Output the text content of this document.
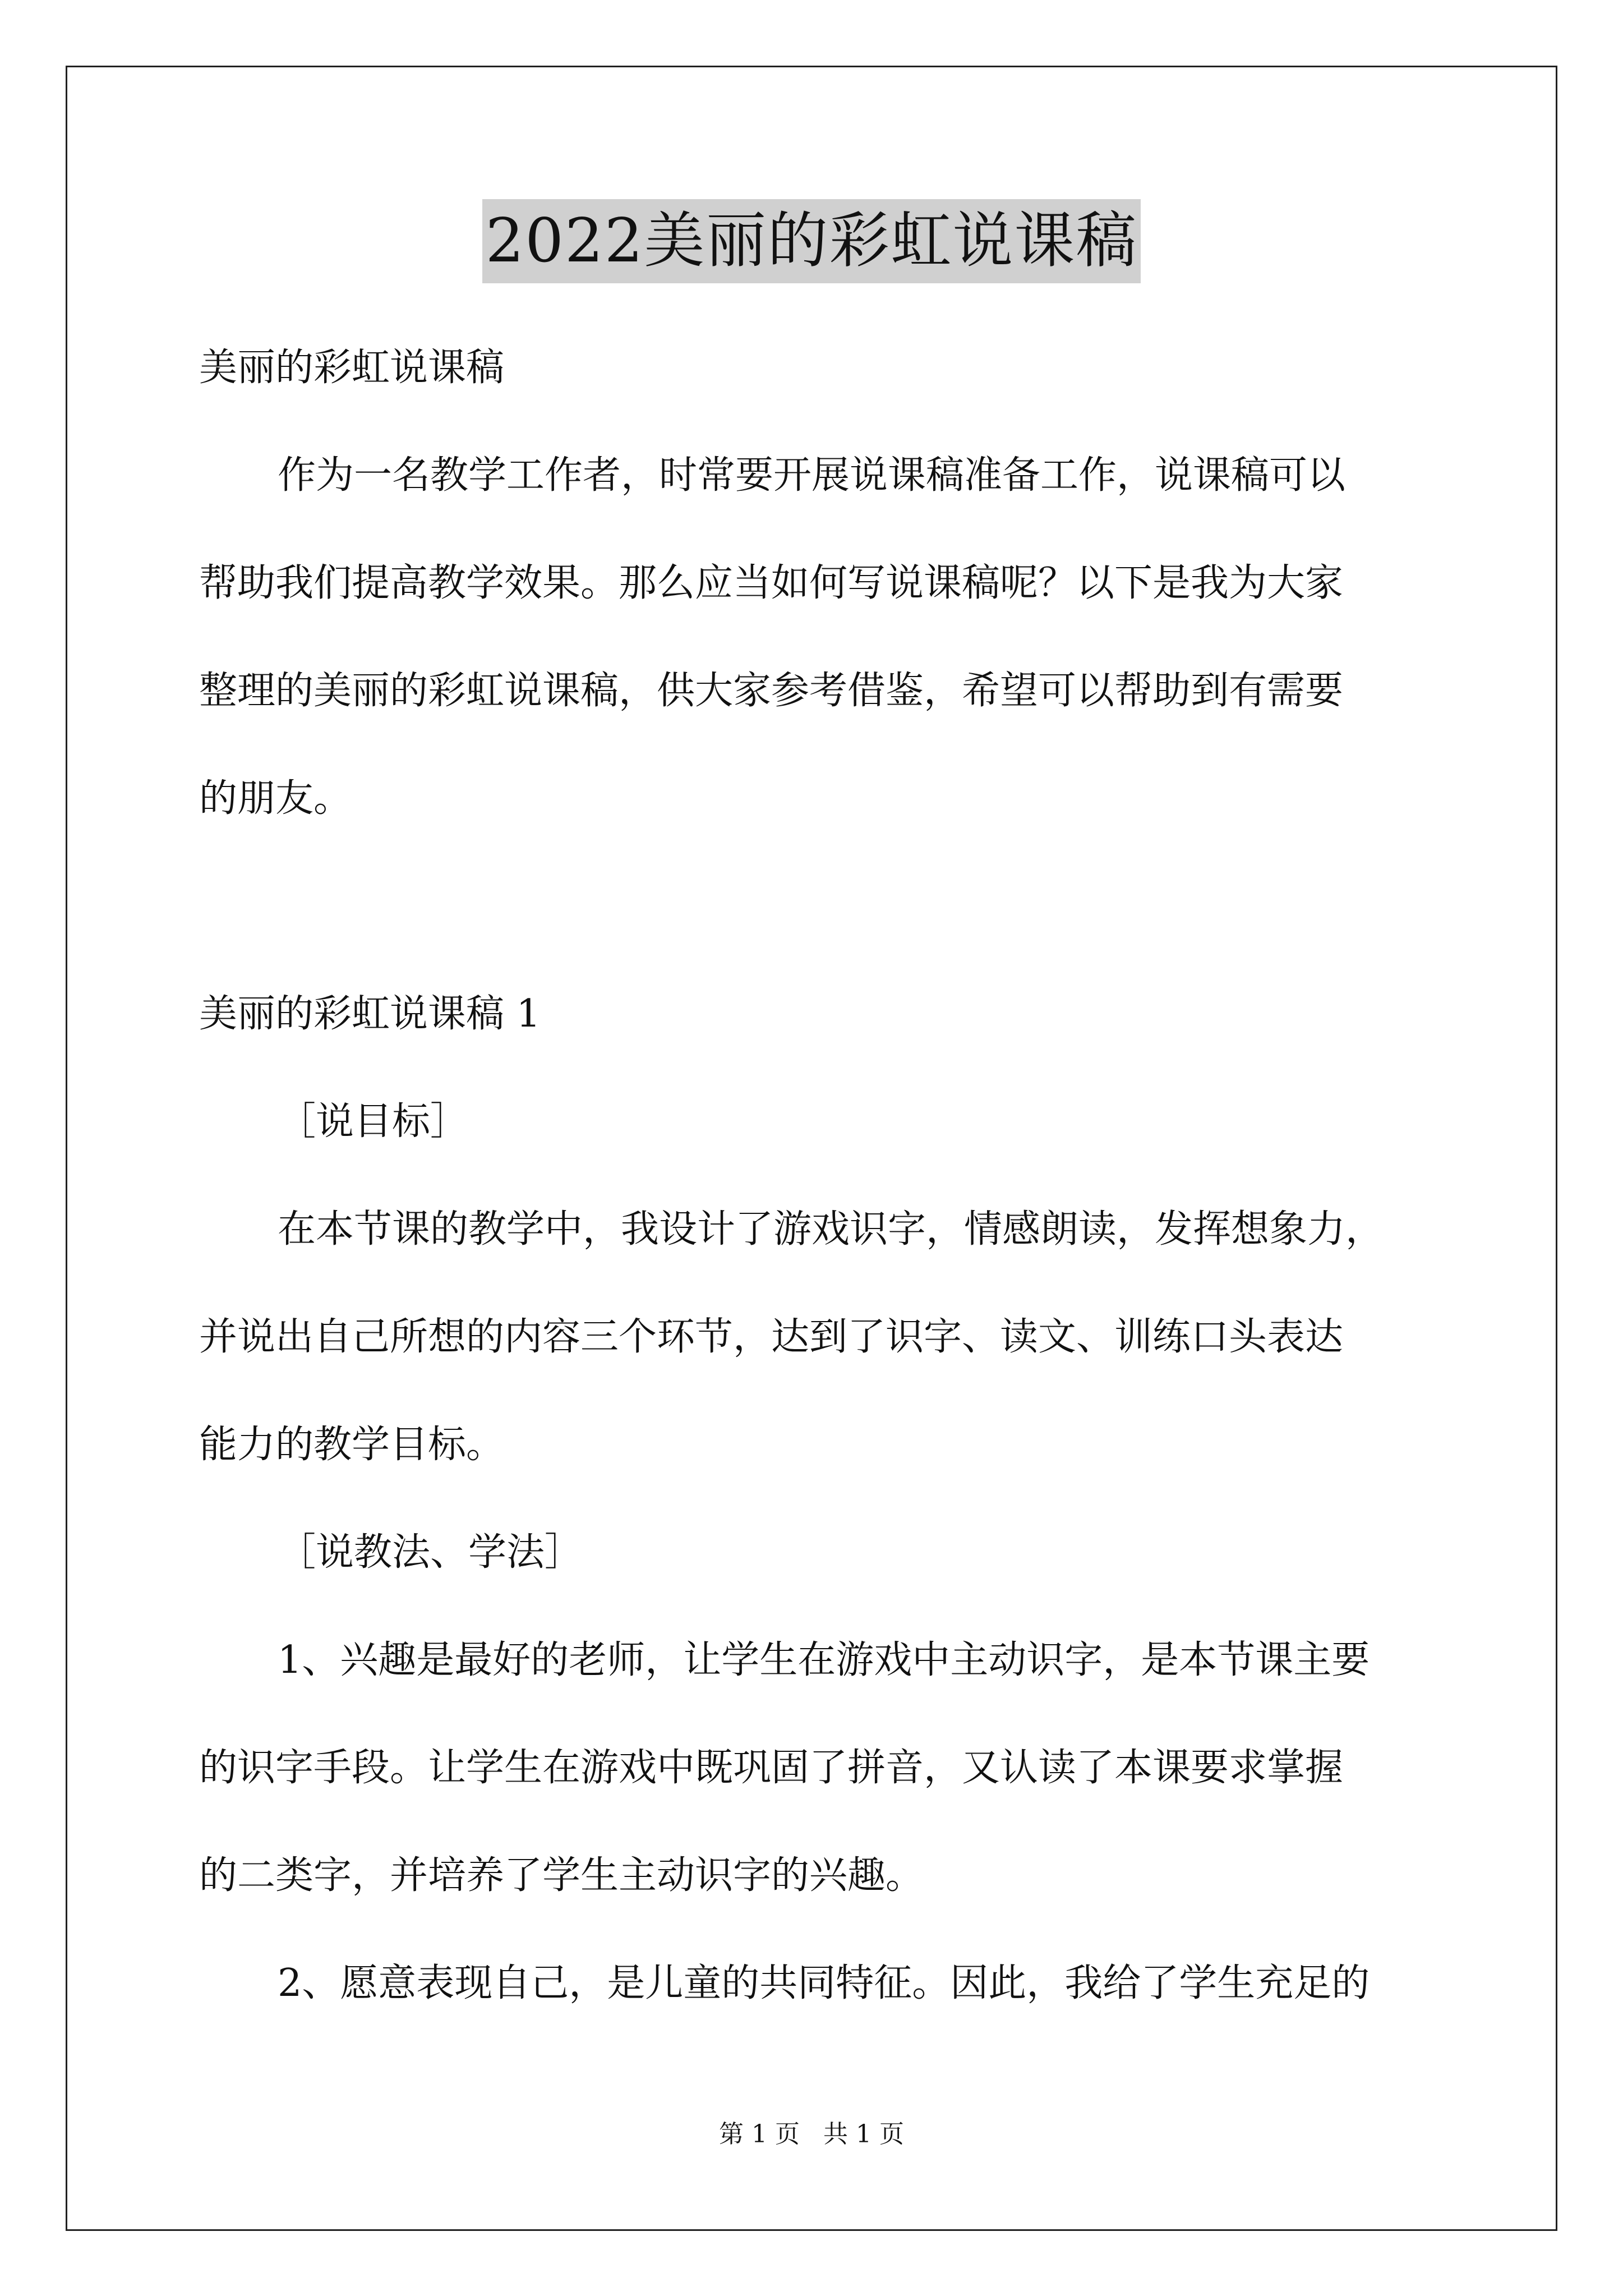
2022美丽的彩虹说课稿

美丽的彩虹说课稿

作为一名教学工作者，时常要开展说课稿准备工作，说课稿可以

帮助我们提高教学效果。那么应当如何写说课稿呢？以下是我为大家

整理的美丽的彩虹说课稿，供大家参考借鉴，希望可以帮助到有需要

的朋友。

美丽的彩虹说课稿 1

［说目标］

在本节课的教学中，我设计了游戏识字，情感朗读，发挥想象力，

并说出自己所想的内容三个环节，达到了识字、读文、训练口头表达

能力的教学目标。

［说教法、学法］

1、兴趣是最好的老师，让学生在游戏中主动识字，是本节课主要

的识字手段。让学生在游戏中既巩固了拼音，又认读了本课要求掌握

的二类字，并培养了学生主动识字的兴趣。

2、愿意表现自己，是儿童的共同特征。因此，我给了学生充足的

第 1 页   共 1 页
